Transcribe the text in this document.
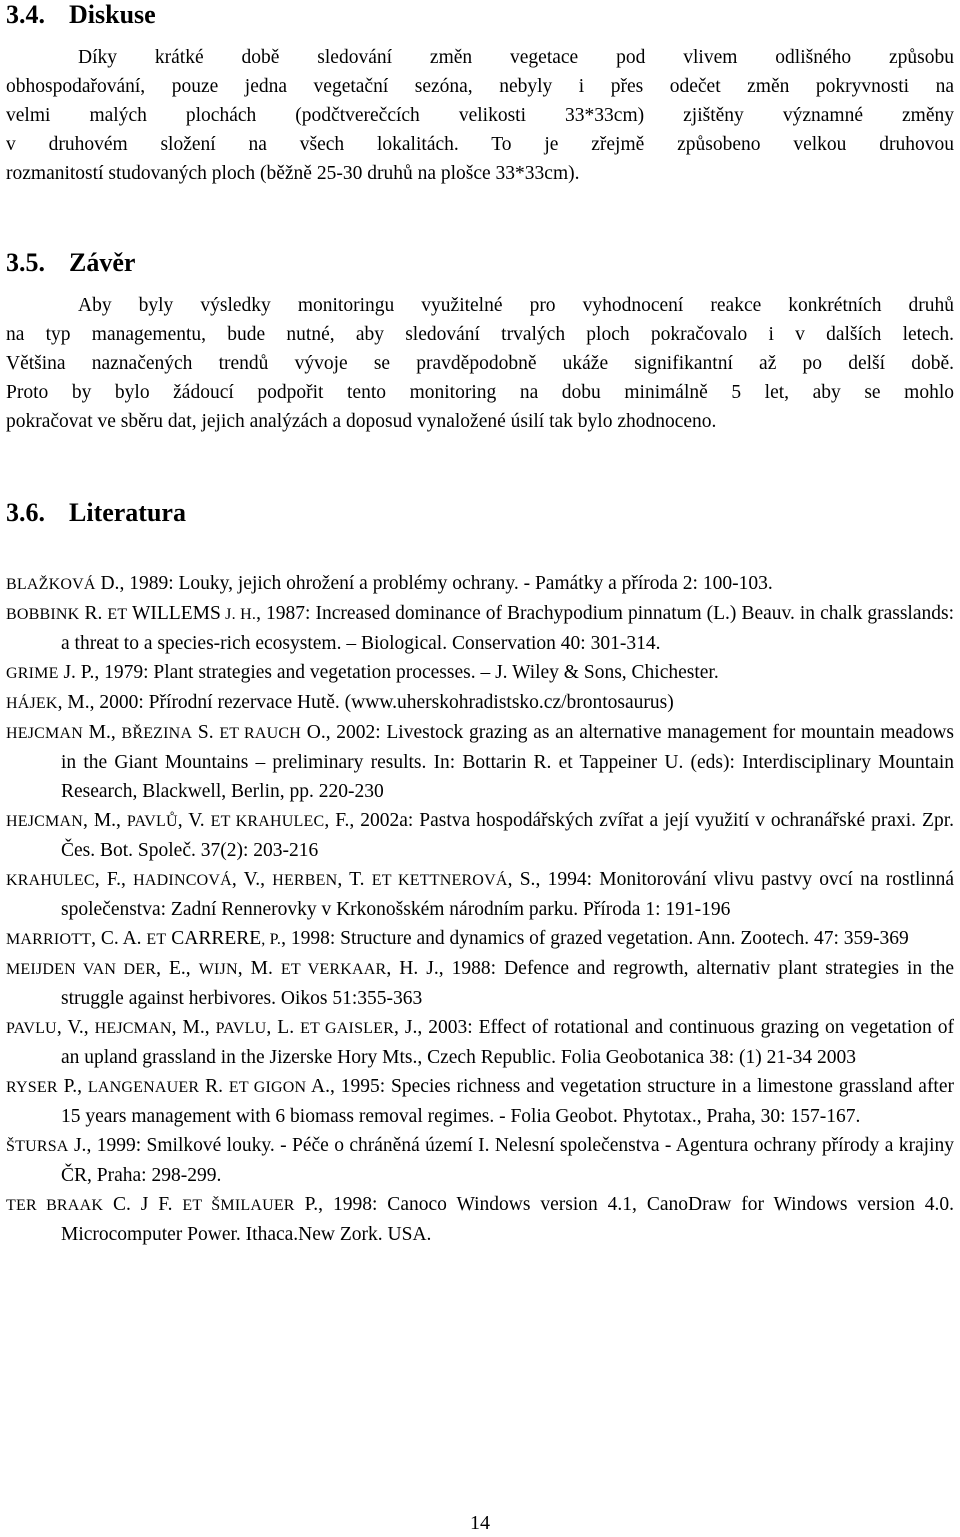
3.4. Diskuse
Díky krátké době sledování změn vegetace pod vlivem odlišného způsobu
obhospodařování, pouze jedna vegetační sezóna, nebyly i přes odečet změn pokryvnosti na
velmi malých plochách (podčtverečcích velikosti 33*33cm) zjištěny významné změny
v druhovém složení na všech lokalitách. To je zřejmě způsobeno velkou druhovou
rozmanitostí studovaných ploch (běžně 25-30 druhů na plošce 33*33cm).
3.5. Závěr
Aby byly výsledky monitoringu využitelné pro vyhodnocení reakce konkrétních druhů
na typ managementu, bude nutné, aby sledování trvalých ploch pokračovalo i v dalších letech.
Většina naznačených trendů vývoje se pravděpodobně ukáže signifikantní až po delší době.
Proto by bylo žádoucí podpořit tento monitoring na dobu minimálně 5 let, aby se mohlo
pokračovat ve sběru dat, jejich analýzách a doposud vynaložené úsilí tak bylo zhodnoceno.
3.6. Literatura
BLAŽKOVÁ D., 1989: Louky, jejich ohrožení a problémy ochrany. - Památky a příroda 2: 100-103.
BOBBINK R. ET WILLEMS J. H., 1987: Increased dominance of Brachypodium pinnatum (L.) Beauv. in chalk grasslands: a threat to a species-rich ecosystem. – Biological. Conservation 40: 301-314.
GRIME J. P., 1979: Plant strategies and vegetation processes. – J. Wiley & Sons, Chichester.
HÁJEK, M., 2000: Přírodní rezervace Hutě. (www.uherskohradistsko.cz/brontosaurus)
HEJCMAN M., BŘEZINA S. ET RAUCH O., 2002: Livestock grazing as an alternative management for mountain meadows in the Giant Mountains – preliminary results. In: Bottarin R. et Tappeiner U. (eds): Interdisciplinary Mountain Research, Blackwell, Berlin, pp. 220-230
HEJCMAN, M., PAVLŮ, V. ET KRAHULEC, F., 2002a: Pastva hospodářských zvířat a její využití v ochranářské praxi. Zpr. Čes. Bot. Společ. 37(2): 203-216
KRAHULEC, F., HADINCOVÁ, V., HERBEN, T. ET KETTNEROVÁ, S., 1994: Monitorování vlivu pastvy ovcí na rostlinná společenstva: Zadní Rennerovky v Krkonošském národním parku. Příroda 1: 191-196
MARRIOTT, C. A. ET CARRERE, P., 1998: Structure and dynamics of grazed vegetation. Ann. Zootech. 47: 359-369
MEIJDEN VAN DER, E., WIJN, M. ET VERKAAR, H. J., 1988: Defence and regrowth, alternativ plant strategies in the struggle against herbivores. Oikos 51:355-363
PAVLU, V., HEJCMAN, M., PAVLU, L. ET GAISLER, J., 2003: Effect of rotational and continuous grazing on vegetation of an upland grassland in the Jizerske Hory Mts., Czech Republic. Folia Geobotanica 38: (1) 21-34 2003
RYSER P., LANGENAUER R. ET GIGON A., 1995: Species richness and vegetation structure in a limestone grassland after 15 years management with 6 biomass removal regimes. - Folia Geobot. Phytotax., Praha, 30: 157-167.
ŠTURSA J., 1999: Smilkové louky. - Péče o chráněná území I. Nelesní společenstva - Agentura ochrany přírody a krajiny ČR, Praha: 298-299.
TER BRAAK C. J F. ET ŠMILAUER P., 1998: Canoco Windows version 4.1, CanoDraw for Windows version 4.0. Microcomputer Power. Ithaca.New Zork. USA.
14
